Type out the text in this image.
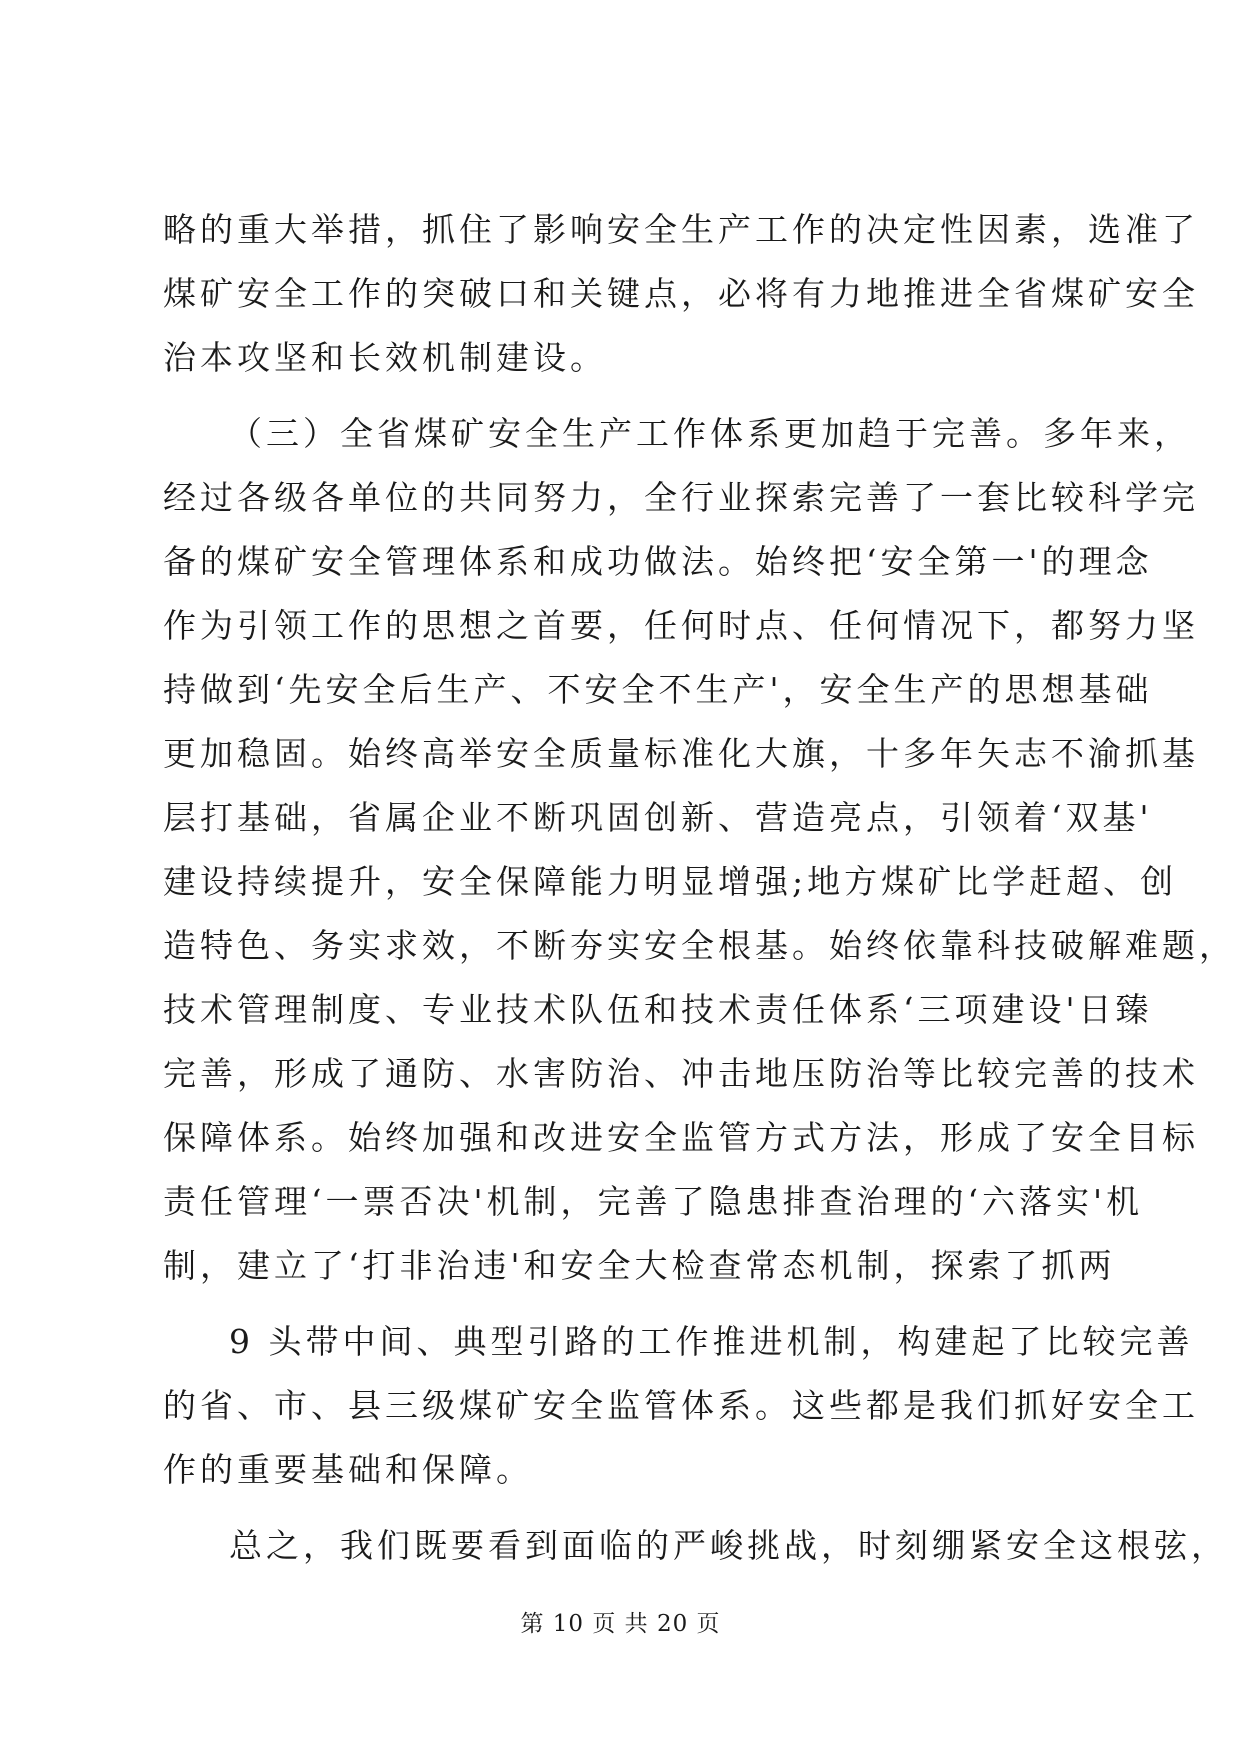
略的重大举措，抓住了影响安全生产工作的决定性因素，选准了
煤矿安全工作的突破口和关键点，必将有力地推进全省煤矿安全
治本攻坚和长效机制建设。
（三）全省煤矿安全生产工作体系更加趋于完善。多年来，
经过各级各单位的共同努力，全行业探索完善了一套比较科学完
备的煤矿安全管理体系和成功做法。始终把‘安全第一'的理念
作为引领工作的思想之首要，任何时点、任何情况下，都努力坚
持做到‘先安全后生产、不安全不生产'，安全生产的思想基础
更加稳固。始终高举安全质量标准化大旗，十多年矢志不渝抓基
层打基础，省属企业不断巩固创新、营造亮点，引领着‘双基'
建设持续提升，安全保障能力明显增强;地方煤矿比学赶超、创
造特色、务实求效，不断夯实安全根基。始终依靠科技破解难题，
技术管理制度、专业技术队伍和技术责任体系‘三项建设'日臻
完善，形成了通防、水害防治、冲击地压防治等比较完善的技术
保障体系。始终加强和改进安全监管方式方法，形成了安全目标
责任管理‘一票否决'机制，完善了隐患排查治理的‘六落实'机
制，建立了‘打非治违'和安全大检查常态机制，探索了抓两
9 头带中间、典型引路的工作推进机制，构建起了比较完善
的省、市、县三级煤矿安全监管体系。这些都是我们抓好安全工
作的重要基础和保障。
总之，我们既要看到面临的严峻挑战，时刻绷紧安全这根弦，
第 10 页 共 20 页
